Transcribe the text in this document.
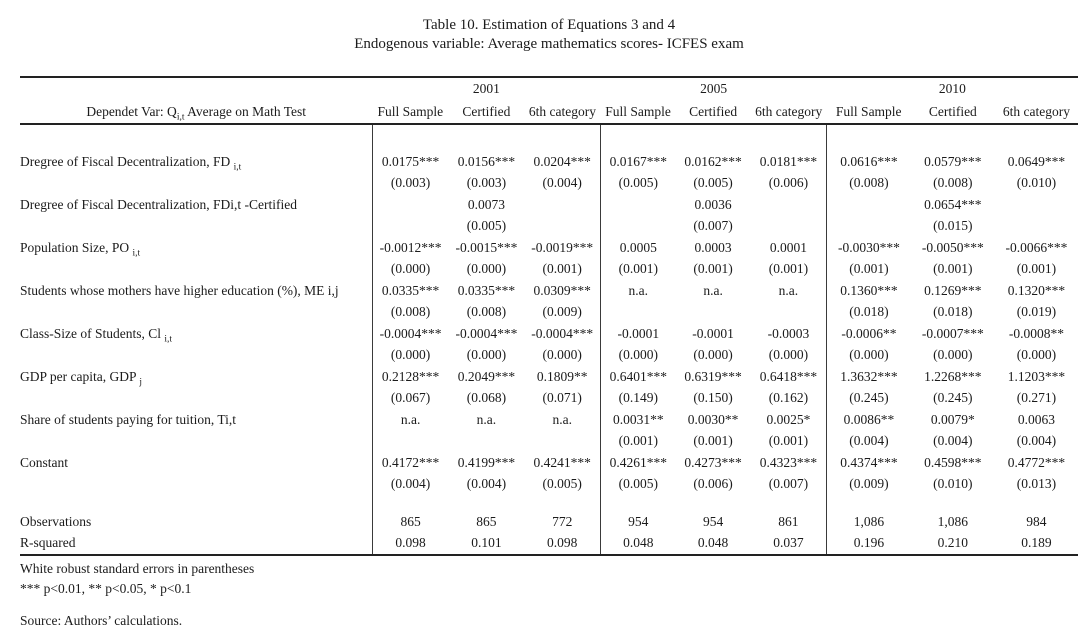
Table 10. Estimation of Equations 3 and 4

Endogenous variable: Average mathematics scores- ICFES exam

	2001			2005			2010		
Dependet Var: $Q_{i,t}$ Average on Math Test	Full Sample	Certified	6th category	Full Sample	Certified	6th category	Full Sample	Certified	6th category

Dregree of Fiscal Decentralization, FD $_{i,t}$	0.0175***	0.0156***	0.0204***	0.0167***	0.0162***	0.0181***	0.0616***	0.0579***	0.0649***
	(0.003)	(0.003)	(0.004)	(0.005)	(0.005)	(0.006)	(0.008)	(0.008)	(0.010)
Dregree of Fiscal Decentralization, FDi,t -Certified		0.0073			0.0036			0.0654***	
		(0.005)			(0.007)			(0.015)	
Population Size, PO $_{i,t}$	-0.0012***	-0.0015***	-0.0019***	0.0005	0.0003	0.0001	-0.0030***	-0.0050***	-0.0066***
	(0.000)	(0.000)	(0.001)	(0.001)	(0.001)	(0.001)	(0.001)	(0.001)	(0.001)
Students whose mothers have higher education (%), ME i,j	0.0335***	0.0335***	0.0309***	n.a.	n.a.	n.a.	0.1360***	0.1269***	0.1320***
	(0.008)	(0.008)	(0.009)				(0.018)	(0.018)	(0.019)
Class-Size of Students, Cl $_{i,t}$	-0.0004***	-0.0004***	-0.0004***	-0.0001	-0.0001	-0.0003	-0.0006**	-0.0007***	-0.0008**
	(0.000)	(0.000)	(0.000)	(0.000)	(0.000)	(0.000)	(0.000)	(0.000)	(0.000)
GDP per capita, GDP $_j$	0.2128***	0.2049***	0.1809**	0.6401***	0.6319***	0.6418***	1.3632***	1.2268***	1.1203***
	(0.067)	(0.068)	(0.071)	(0.149)	(0.150)	(0.162)	(0.245)	(0.245)	(0.271)
Share of students paying for tuition, Ti,t	n.a.	n.a.	n.a.	0.0031**	0.0030**	0.0025*	0.0086**	0.0079*	0.0063
				(0.001)	(0.001)	(0.001)	(0.004)	(0.004)	(0.004)
Constant	0.4172***	0.4199***	0.4241***	0.4261***	0.4273***	0.4323***	0.4374***	0.4598***	0.4772***
	(0.004)	(0.004)	(0.005)	(0.005)	(0.006)	(0.007)	(0.009)	(0.010)	(0.013)

Observations	865	865	772	954	954	861	1,086	1,086	984
R-squared	0.098	0.101	0.098	0.048	0.048	0.037	0.196	0.210	0.189

White robust standard errors in parentheses

*** p<0.01, ** p<0.05, * p<0.1

Source: Authors’ calculations.
